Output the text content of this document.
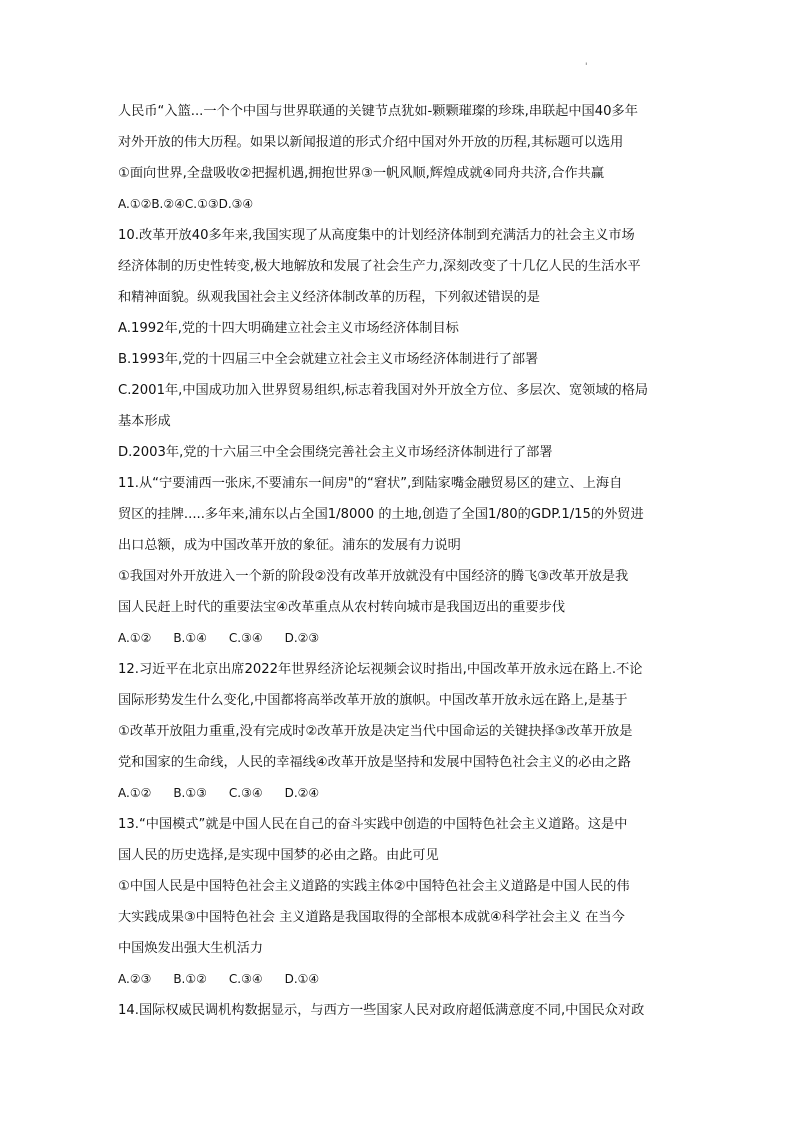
'
人民币“入篮...一个个中国与世界联通的关键节点犹如-颗颗璀璨的珍珠,串联起中国40多年
对外开放的伟大历程。如果以新闻报道的形式介绍中国对外开放的历程,其标题可以选用
①面向世界,全盘吸收②把握机遇,拥抱世界③一帆风顺,辉煌成就④同舟共济,合作共赢
A.①②B.②④C.①③D.③④
10.改革开放40多年来,我国实现了从高度集中的计划经济体制到充满活力的社会主义市场
经济体制的历史性转变,极大地解放和发展了社会生产力,深刻改变了十几亿人民的生活水平
和精神面貌。纵观我国社会主义经济体制改革的历程，下列叙述错误的是
A.1992年,党的十四大明确建立社会主义市场经济体制目标
B.1993年,党的十四届三中全会就建立社会主义市场经济体制进行了部署
C.2001年,中国成功加入世界贸易组织,标志着我国对外开放全方位、多层次、宽领域的格局
基本形成
D.2003年,党的十六届三中全会围绕完善社会主义市场经济体制进行了部署
11.从“宁要浦西一张床,不要浦东一间房"的“窘状”,到陆家嘴金融贸易区的建立、上海自
贸区的挂牌.....多年来,浦东以占全国1/8000 的土地,创造了全国1/80的GDP.1/15的外贸进
出口总额，成为中国改革开放的象征。浦东的发展有力说明
①我国对外开放进入一个新的阶段②没有改革开放就没有中国经济的腾飞③改革开放是我
国人民赶上时代的重要法宝④改革重点从农村转向城市是我国迈出的重要步伐
A.①② B.①④ C.③④ D.②③
12.习近平在北京出席2022年世界经济论坛视频会议时指出,中国改革开放永远在路上.不论
国际形势发生什么变化,中国都将高举改革开放的旗帜。中国改革开放永远在路上,是基于
①改革开放阻力重重,没有完成时②改革开放是决定当代中国命运的关键抉择③改革开放是
党和国家的生命线，人民的幸福线④改革开放是坚持和发展中国特色社会主义的必由之路
A.①② B.①③ C.③④ D.②④
13.“中国模式”就是中国人民在自己的奋斗实践中创造的中国特色社会主义道路。这是中
国人民的历史选择,是实现中国梦的必由之路。由此可见
①中国人民是中国特色社会主义道路的实践主体②中国特色社会主义道路是中国人民的伟
大实践成果③中国特色社会 主义道路是我国取得的全部根本成就④科学社会主义 在当今
中国焕发出强大生机活力
A.②③ B.①② C.③④ D.①④
14.国际权威民调机构数据显示，与西方一些国家人民对政府超低满意度不同,中国民众对政
